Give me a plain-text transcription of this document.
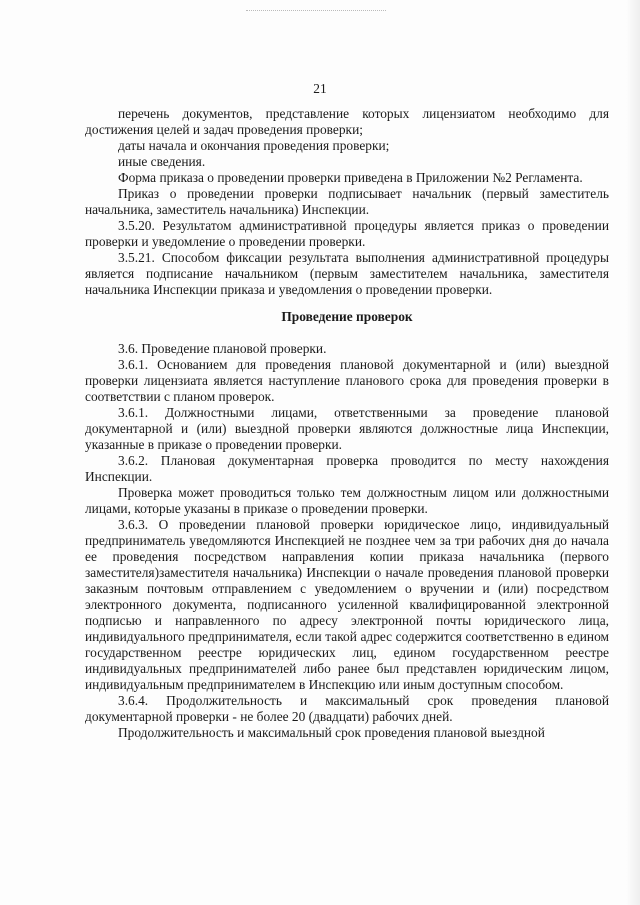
21

перечень документов, представление которых лицензиатом необходимо для достижения целей и задач проведения проверки;

даты начала и окончания проведения проверки;

иные сведения.

Форма приказа о проведении проверки приведена в Приложении №2 Регламента.

Приказ о проведении проверки подписывает начальник (первый заместитель начальника, заместитель начальника) Инспекции.

3.5.20. Результатом административной процедуры является приказ о проведении проверки и уведомление о проведении проверки.

3.5.21. Способом фиксации результата выполнения административной процедуры является подписание начальником (первым заместителем начальника, заместителя начальника Инспекции приказа и уведомления о проведении проверки.

Проведение проверок

3.6. Проведение плановой проверки.

3.6.1. Основанием для проведения плановой документарной и (или) выездной проверки лицензиата является наступление планового срока для проведения проверки в соответствии с планом проверок.

3.6.1. Должностными лицами, ответственными за проведение плановой документарной и (или) выездной проверки являются должностные лица Инспекции, указанные в приказе о проведении проверки.

3.6.2. Плановая документарная проверка проводится по месту нахождения Инспекции.

Проверка может проводиться только тем должностным лицом или должностными лицами, которые указаны в приказе о проведении проверки.

3.6.3. О проведении плановой проверки юридическое лицо, индивидуальный предприниматель уведомляются Инспекцией не позднее чем за три рабочих дня до начала ее проведения посредством направления копии приказа начальника (первого заместителя)заместителя начальника) Инспекции о начале проведения плановой проверки заказным почтовым отправлением с уведомлением о вручении и (или) посредством электронного документа, подписанного усиленной квалифицированной электронной подписью и направленного по адресу электронной почты юридического лица, индивидуального предпринимателя, если такой адрес содержится соответственно в едином государственном реестре юридических лиц, едином государственном реестре индивидуальных предпринимателей либо ранее был представлен юридическим лицом, индивидуальным предпринимателем в Инспекцию или иным доступным способом.

3.6.4. Продолжительность и максимальный срок проведения плановой документарной проверки - не более 20 (двадцати) рабочих дней.

Продолжительность и максимальный срок проведения плановой выездной
